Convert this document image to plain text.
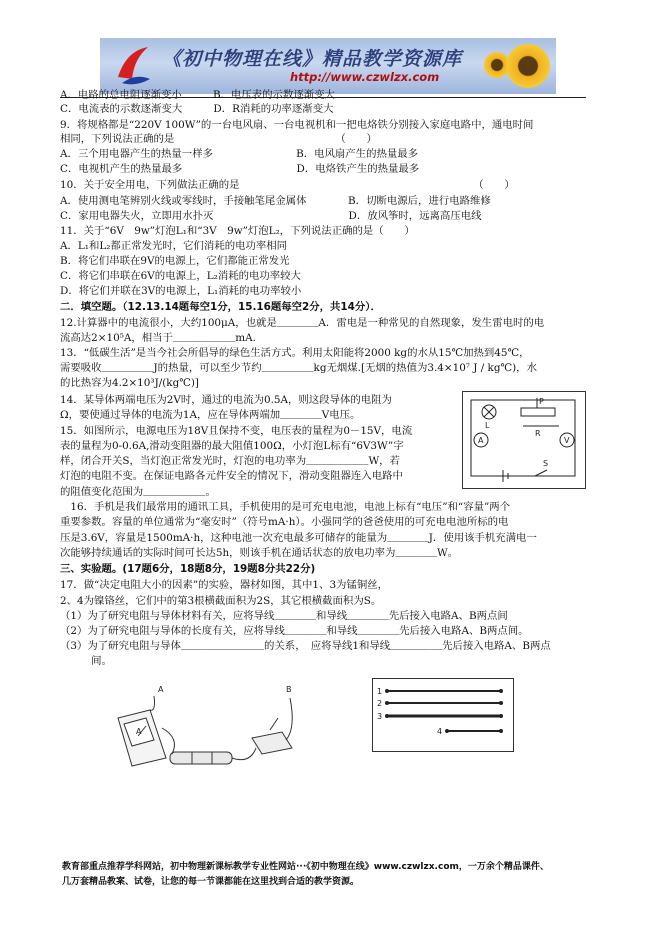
《初中物理在线》精品教学资源库
http://www.czwlzx.com
A．电路的总电阻逐渐变小　　　B．电压表的示数逐渐变大
C．电流表的示数逐渐变大　　　D．R消耗的功率逐渐变大
9．将规格都是“220V 100W”的一台电风扇、一台电视机和一把电烙铁分别接入家庭电路中，通电时间
相同，下列说法正确的是　　　　　　　　　　　　　　　　（　　）
A．三个用电器产生的热量一样多　　　　　　　　B．电风扇产生的热量最多
C．电视机产生的热量最多　　　　　　　　　　　D．电烙铁产生的热量最多
10．关于安全用电，下列做法正确的是　　　　　　　　　　　　　　　　　　　　　　　（　　）
A．使用测电笔辨别火线或零线时，手接触笔尾金属体　　　　B．切断电源后，进行电路维修
C．家用电器失火，立即用水扑灭　　　　　　　　　　　　　D．放风筝时，远离高压电线
11．关于“6V　9w”灯泡L₁和“3V　9w”灯泡L₂，下列说法正确的是（　　）
A．L₁和L₂都正常发光时，它们消耗的电功率相同
B．将它们串联在9V的电源上，它们都能正常发光
C．将它们串联在6V的电源上，L₂消耗的电功率较大
D．将它们并联在3V的电源上，L₁消耗的电功率较小
二．填空题。（12.13.14题每空1分，15.16题每空2分，共14分）．
12.计算器中的电流很小，大约100μA，也就是＿＿＿＿A．雷电是一种常见的自然现象，发生雷电时的电
流高达2×10⁵A，相当于＿＿＿＿＿＿mA.
13．“低碳生活”是当今社会所倡导的绿色生活方式。利用太阳能将2000 kg的水从15℃加热到45℃，
需要吸收＿＿＿＿＿J的热量，可以至少节约＿＿＿＿＿kg无烟煤.[无烟的热值为3.4×10⁷ J / kg℃)，水
的比热容为4.2×10³J/(kg℃)]
14．某导体两端电压为2V时，通过的电流为0.5A，则这段导体的电阻为
Ω，要使通过导体的电流为1A，应在导体两端加＿＿＿＿V电压。
15．如图所示，电源电压为18V且保持不变，电压表的量程为0－15V，电流
表的量程为0-0.6A,滑动变阻器的最大阻值100Ω，小灯泡L标有“6V3W”字
样，闭合开关S，当灯泡正常发光时，灯泡的电功率为＿＿＿＿＿＿W，若
灯泡的电阻不变。在保证电路各元件安全的情况下，滑动变阻器连入电路中
的阻值变化范围为＿＿＿＿＿＿。
　16．手机是我们最常用的通讯工具，手机使用的是可充电电池，电池上标有“电压”和“容量”两个
重要参数。容量的单位通常为“毫安时”（符号mA·h）。小强同学的爸爸使用的可充电电池所标的电
压是3.6V，容量是1500mA·h，这种电池一次充电最多可储存的能量为＿＿＿＿J．使用该手机充满电一
次能够持续通话的实际时间可长达5h，则该手机在通话状态的放电功率为＿＿＿＿W。
三、实验题。(17题6分，18题8分，19题8分共22分)
17．做“决定电阻大小的因素”的实验，器材如图，其中1、3为锰铜丝，
2、4为镍铬丝，它们中的第3根横截面积为2S，其它根横截面积为S。
（1）为了研究电阻与导体材料有关，应将导线＿＿＿＿和导线＿＿＿＿先后接入电路A、B两点间
（2）为了研究电阻与导体的长度有关，应将导线＿＿＿＿和导线＿＿＿＿先后接入电路A、B两点间。
（3）为了研究电阻与导体＿＿＿＿＿＿＿＿的关系，　应将导线1和导线＿＿＿＿＿先后接入电路A、B两点
　　　间。
P
R
L
V
A
S
A	B
A
1
2
3
4
教育部重点推荐学科网站，初中物理新课标教学专业性网站···《初中物理在线》www.czwlzx.com，一万余个精品课件、
几万套精品教案、试卷，让您的每一节课都能在这里找到合适的教学资源。
